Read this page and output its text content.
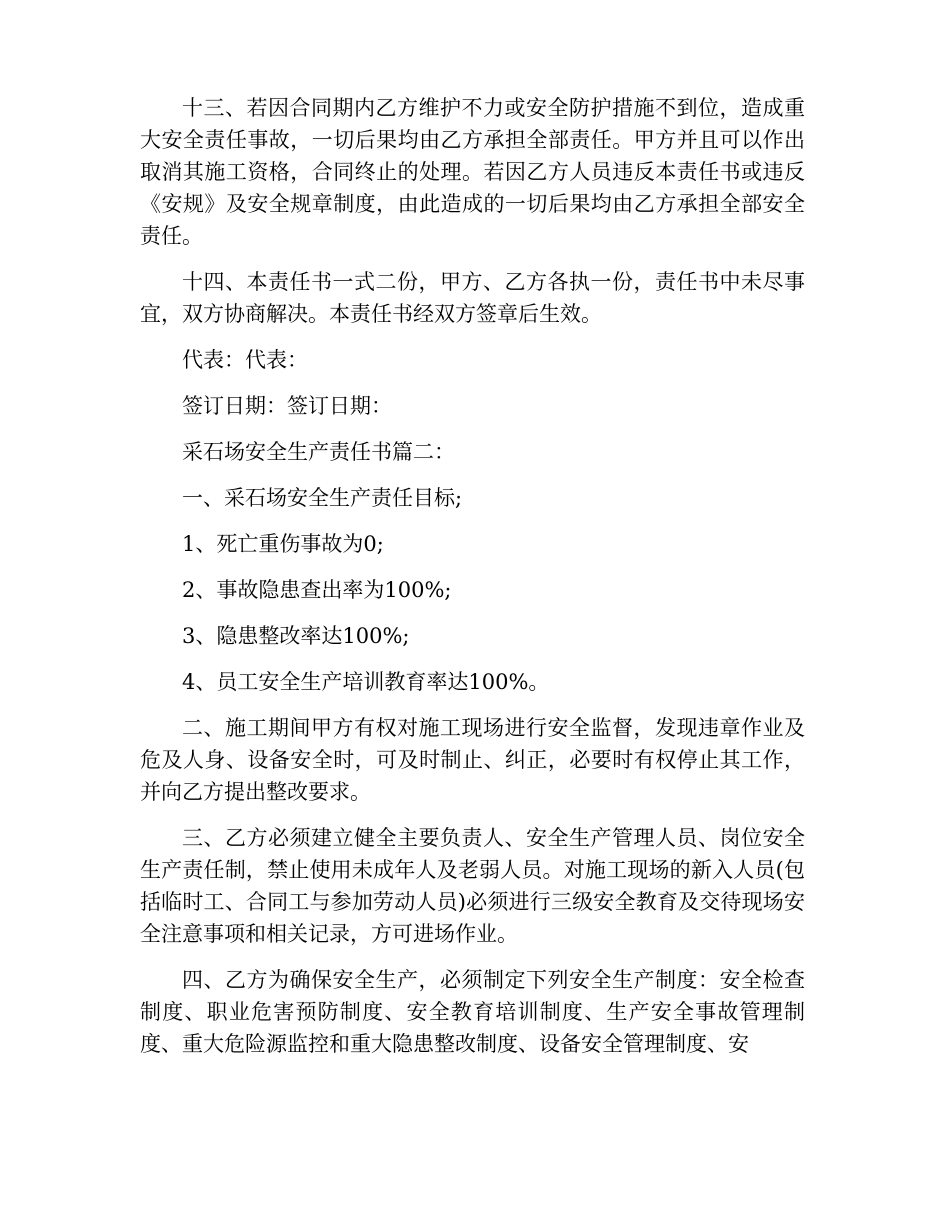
十三、若因合同期内乙方维护不力或安全防护措施不到位，造成重大安全责任事故，一切后果均由乙方承担全部责任。甲方并且可以作出取消其施工资格，合同终止的处理。若因乙方人员违反本责任书或违反《安规》及安全规章制度，由此造成的一切后果均由乙方承担全部安全责任。

十四、本责任书一式二份，甲方、乙方各执一份，责任书中未尽事宜，双方协商解决。本责任书经双方签章后生效。

代表：代表：

签订日期：签订日期：

采石场安全生产责任书篇二：

一、采石场安全生产责任目标;

1、死亡重伤事故为0;

2、事故隐患查出率为100%;

3、隐患整改率达100%;

4、员工安全生产培训教育率达100%。

二、施工期间甲方有权对施工现场进行安全监督，发现违章作业及危及人身、设备安全时，可及时制止、纠正，必要时有权停止其工作，并向乙方提出整改要求。

三、乙方必须建立健全主要负责人、安全生产管理人员、岗位安全生产责任制，禁止使用未成年人及老弱人员。对施工现场的新入人员(包括临时工、合同工与参加劳动人员)必须进行三级安全教育及交待现场安全注意事项和相关记录，方可进场作业。

四、乙方为确保安全生产，必须制定下列安全生产制度：安全检查制度、职业危害预防制度、安全教育培训制度、生产安全事故管理制度、重大危险源监控和重大隐患整改制度、设备安全管理制度、安
